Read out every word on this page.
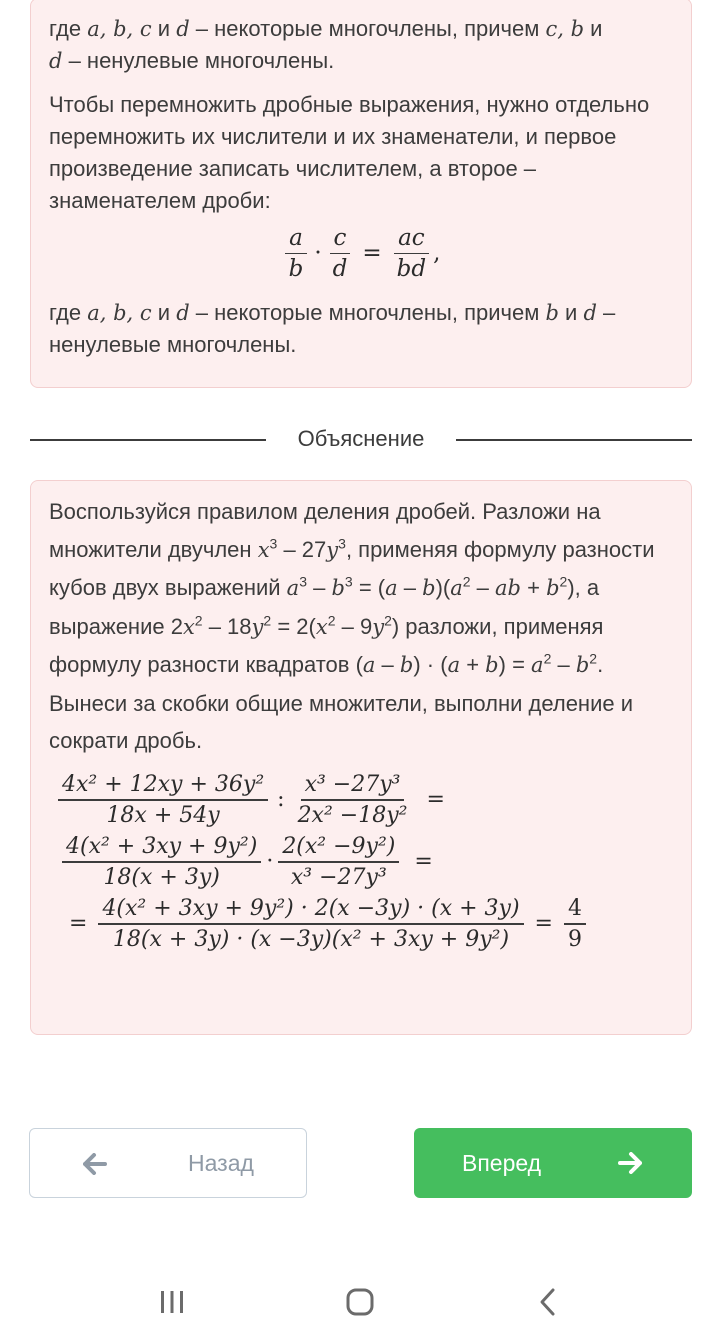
где a, b, c и d – некоторые многочлены, причем c, b и
d – ненулевые многочлены.

Чтобы перемножить дробные выражения, нужно отдельно перемножить их числители и их знаменатели, и первое произведение записать числителем, а второе – знаменателем дроби:

$\frac{a}{b} \cdot \frac{c}{d} = \frac{ac}{bd}$ ,

где a, b, c и d – некоторые многочлены, причем b и d – ненулевые многочлены.

Объяснение

Воспользуйся правилом деления дробей. Разложи на множители двучлен $x^3 - 27y^3$, применяя формулу разности кубов двух выражений $a^3 - b^3 = (a - b)(a^2$ – ab + $b^2$), а выражение $2x^2 - 18y^2 = 2(x^2 - 9y^2)$ разложи, применяя формулу разности квадратов $(a - b) \cdot (a + b) = a^2 - b^2$. Вынеси за скобки общие множители, выполни деление и сократи дробь.

$\frac{\text{4x² + 12xy + 36y²}}{18x + 54y}$ : $\frac{\text{x³ −27y³}}{\text{2x² −18y²}}$ =
$\frac{\text{4(x² + 3xy + 9y²)}}{18(x + 3y)} \cdot \frac{\text{2(x² −9y²)}}{\text{x³ −27y³}}$ =
= $\frac{\text{4(x² + 3xy + 9y²) · 2(x −3y) · (x + 3y)}}{\text{18(x + 3y) · (x −3y)(x² + 3xy + 9y²)}} = \frac{4}{9}$
Назад	Вперед
